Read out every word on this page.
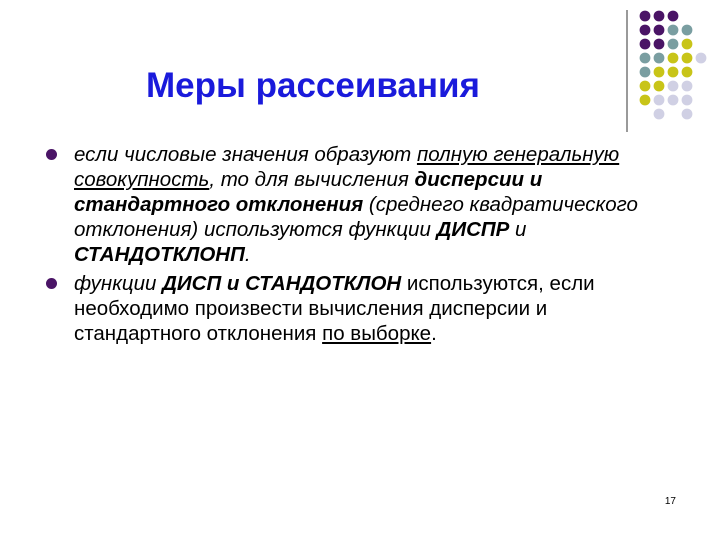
Меры рассеивания
если числовые значения образуют полную генеральную совокупность, то для вычисления дисперсии и стандартного отклонения (среднего квадратического отклонения) используются функции ДИСПР и СТАНДОТКЛОНП.
функции ДИСП и СТАНДОТКЛОН используются, если необходимо произвести вычисления дисперсии и стандартного отклонения по выборке.
17
